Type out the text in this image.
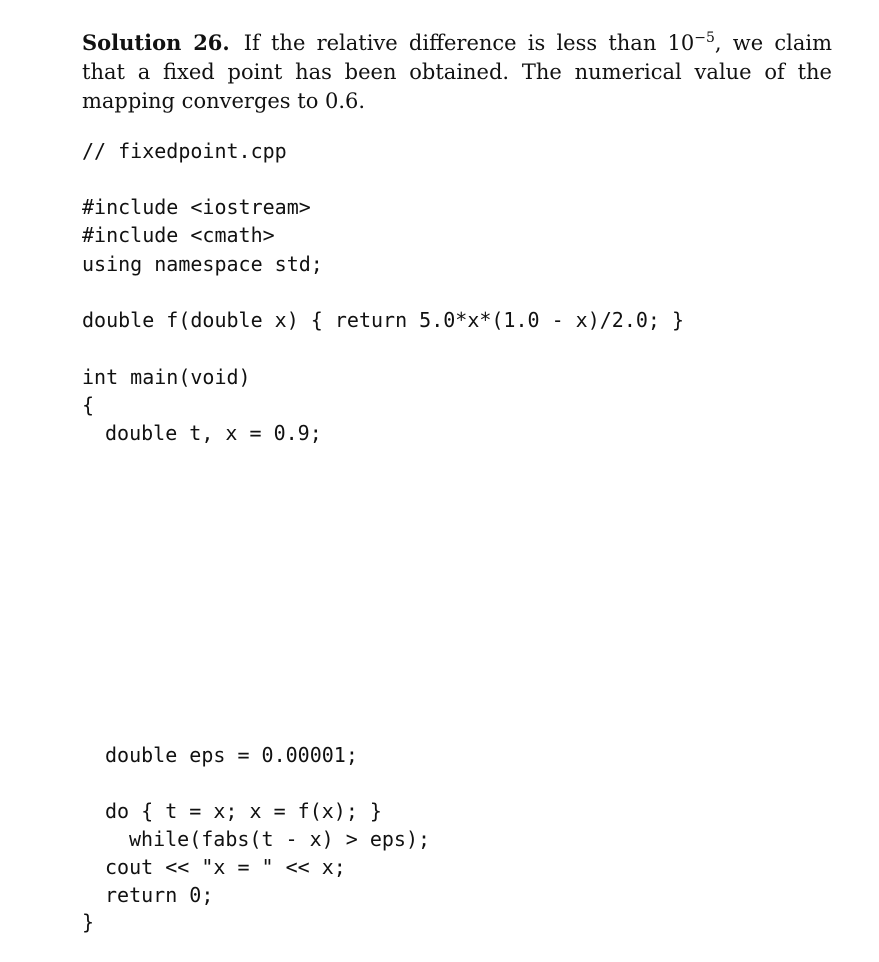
Solution 26. If the relative difference is less than $10^{-5}$, we claim that a fixed point has been obtained. The numerical value of the mapping converges to 0.6.

// fixedpoint.cpp
#include <iostream>
#include <cmath>
using namespace std;
double f(double x) { return 5.0*x*(1.0 - x)/2.0; }
int main(void)
{
double t, x = 0.9;
double eps = 0.00001;
do { t = x; x = f(x); }
while(fabs(t - x) > eps);
cout << "x = " << x;
return 0;
}
